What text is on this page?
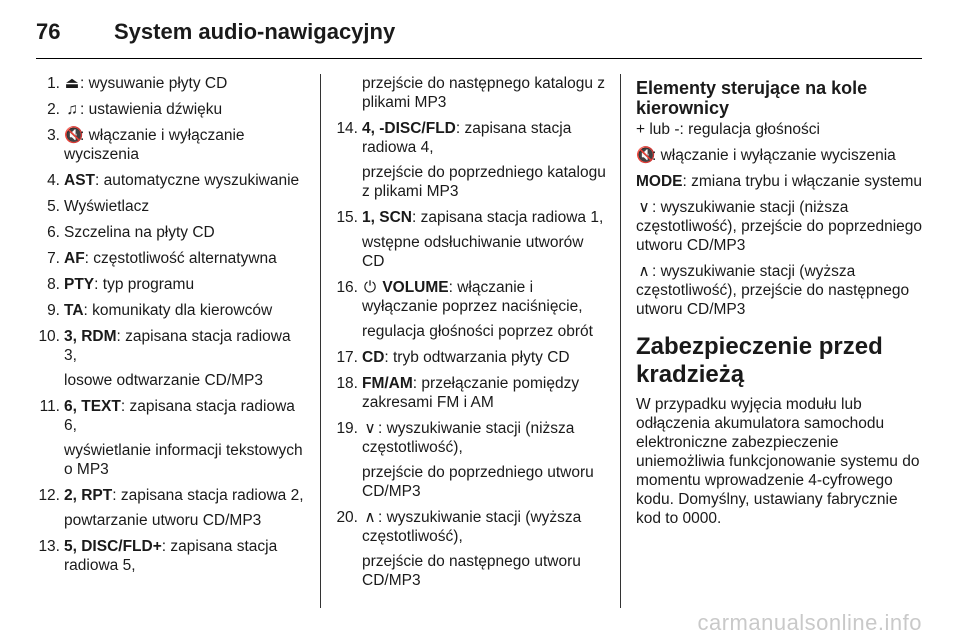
76	System audio-nawigacyjny
1. ⏏: wysuwanie płyty CD
2. ♫ : ustawienia dźwięku
3. 🔇: włączanie i wyłączanie wyciszenia
4. AST: automatyczne wyszukiwanie
5. Wyświetlacz
6. Szczelina na płyty CD
7. AF: częstotliwość alternatywna
8. PTY: typ programu
9. TA: komunikaty dla kierowców
10. 3, RDM: zapisana stacja radiowa 3,
losowe odtwarzanie CD/MP3
11. 6, TEXT: zapisana stacja radiowa 6,
wyświetlanie informacji tekstowych o MP3
12. 2, RPT: zapisana stacja radiowa 2,
powtarzanie utworu CD/MP3
13. 5, DISC/FLD+: zapisana stacja radiowa 5,
przejście do następnego katalogu z plikami MP3
14. 4, -DISC/FLD: zapisana stacja radiowa 4,
przejście do poprzedniego katalogu z plikami MP3
15. 1, SCN: zapisana stacja radiowa 1,
wstępne odsłuchiwanie utworów CD
16. ⏻ VOLUME: włączanie i wyłączanie poprzez naciśnięcie,
regulacja głośności poprzez obrót
17. CD: tryb odtwarzania płyty CD
18. FM/AM: przełączanie pomiędzy zakresami FM i AM
19. ∨ : wyszukiwanie stacji (niższa częstotliwość),
przejście do poprzedniego utworu CD/MP3
20. ∧ : wyszukiwanie stacji (wyższa częstotliwość),
przejście do następnego utworu CD/MP3
Elementy sterujące na kole kierownicy
+ lub -: regulacja głośności
🔇: włączanie i wyłączanie wyciszenia
MODE: zmiana trybu i włączanie systemu
∨ : wyszukiwanie stacji (niższa częstotliwość), przejście do poprzedniego utworu CD/MP3
∧ : wyszukiwanie stacji (wyższa częstotliwość), przejście do następnego utworu CD/MP3
Zabezpieczenie przed kradzieżą
W przypadku wyjęcia modułu lub odłączenia akumulatora samochodu elektroniczne zabezpieczenie uniemożliwia funkcjonowanie systemu do momentu wprowadzenie 4-cyfrowego kodu. Domyślny, ustawiany fabrycznie kod to 0000.
carmanualsonline.info
